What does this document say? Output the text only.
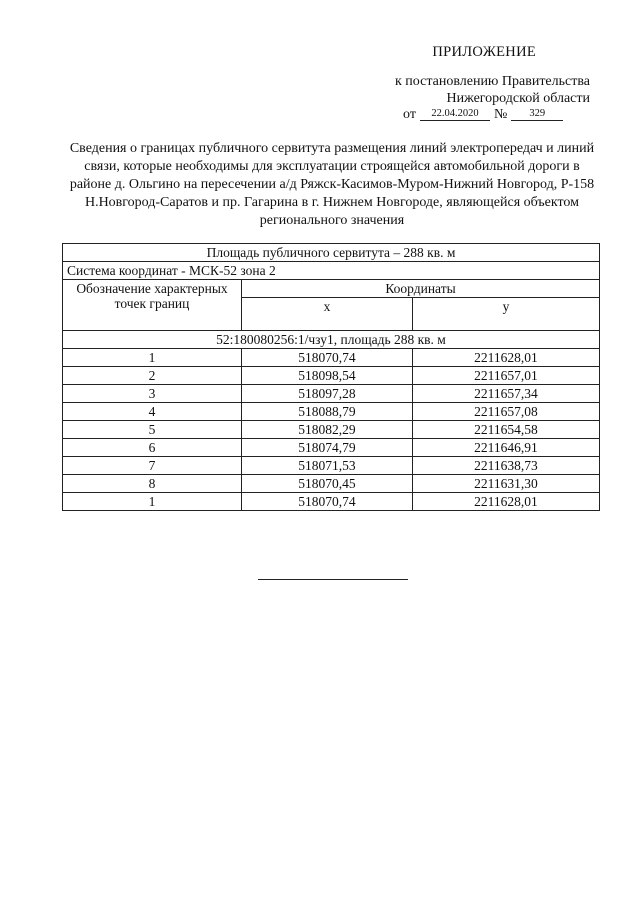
ПРИЛОЖЕНИЕ
к постановлению Правительства
Нижегородской области
от 22.04.2020 № 329
Сведения о границах публичного сервитута размещения линий электропередач и линий связи, которые необходимы для эксплуатации строящейся автомобильной дороги в районе д. Ольгино на пересечении а/д Ряжск-Касимов-Муром-Нижний Новгород, Р-158 Н.Новгород-Саратов и пр. Гагарина в г. Нижнем Новгороде, являющейся объектом регионального значения
Площадь публичного сервитута – 288 кв. м		
Система координат - МСК-52 зона 2		
Обозначение характерных точек границ	Координаты	
	x	y
52:180080256:1/чзу1, площадь 288 кв. м		
1	518070,74	2211628,01
2	518098,54	2211657,01
3	518097,28	2211657,34
4	518088,79	2211657,08
5	518082,29	2211654,58
6	518074,79	2211646,91
7	518071,53	2211638,73
8	518070,45	2211631,30
1	518070,74	2211628,01
